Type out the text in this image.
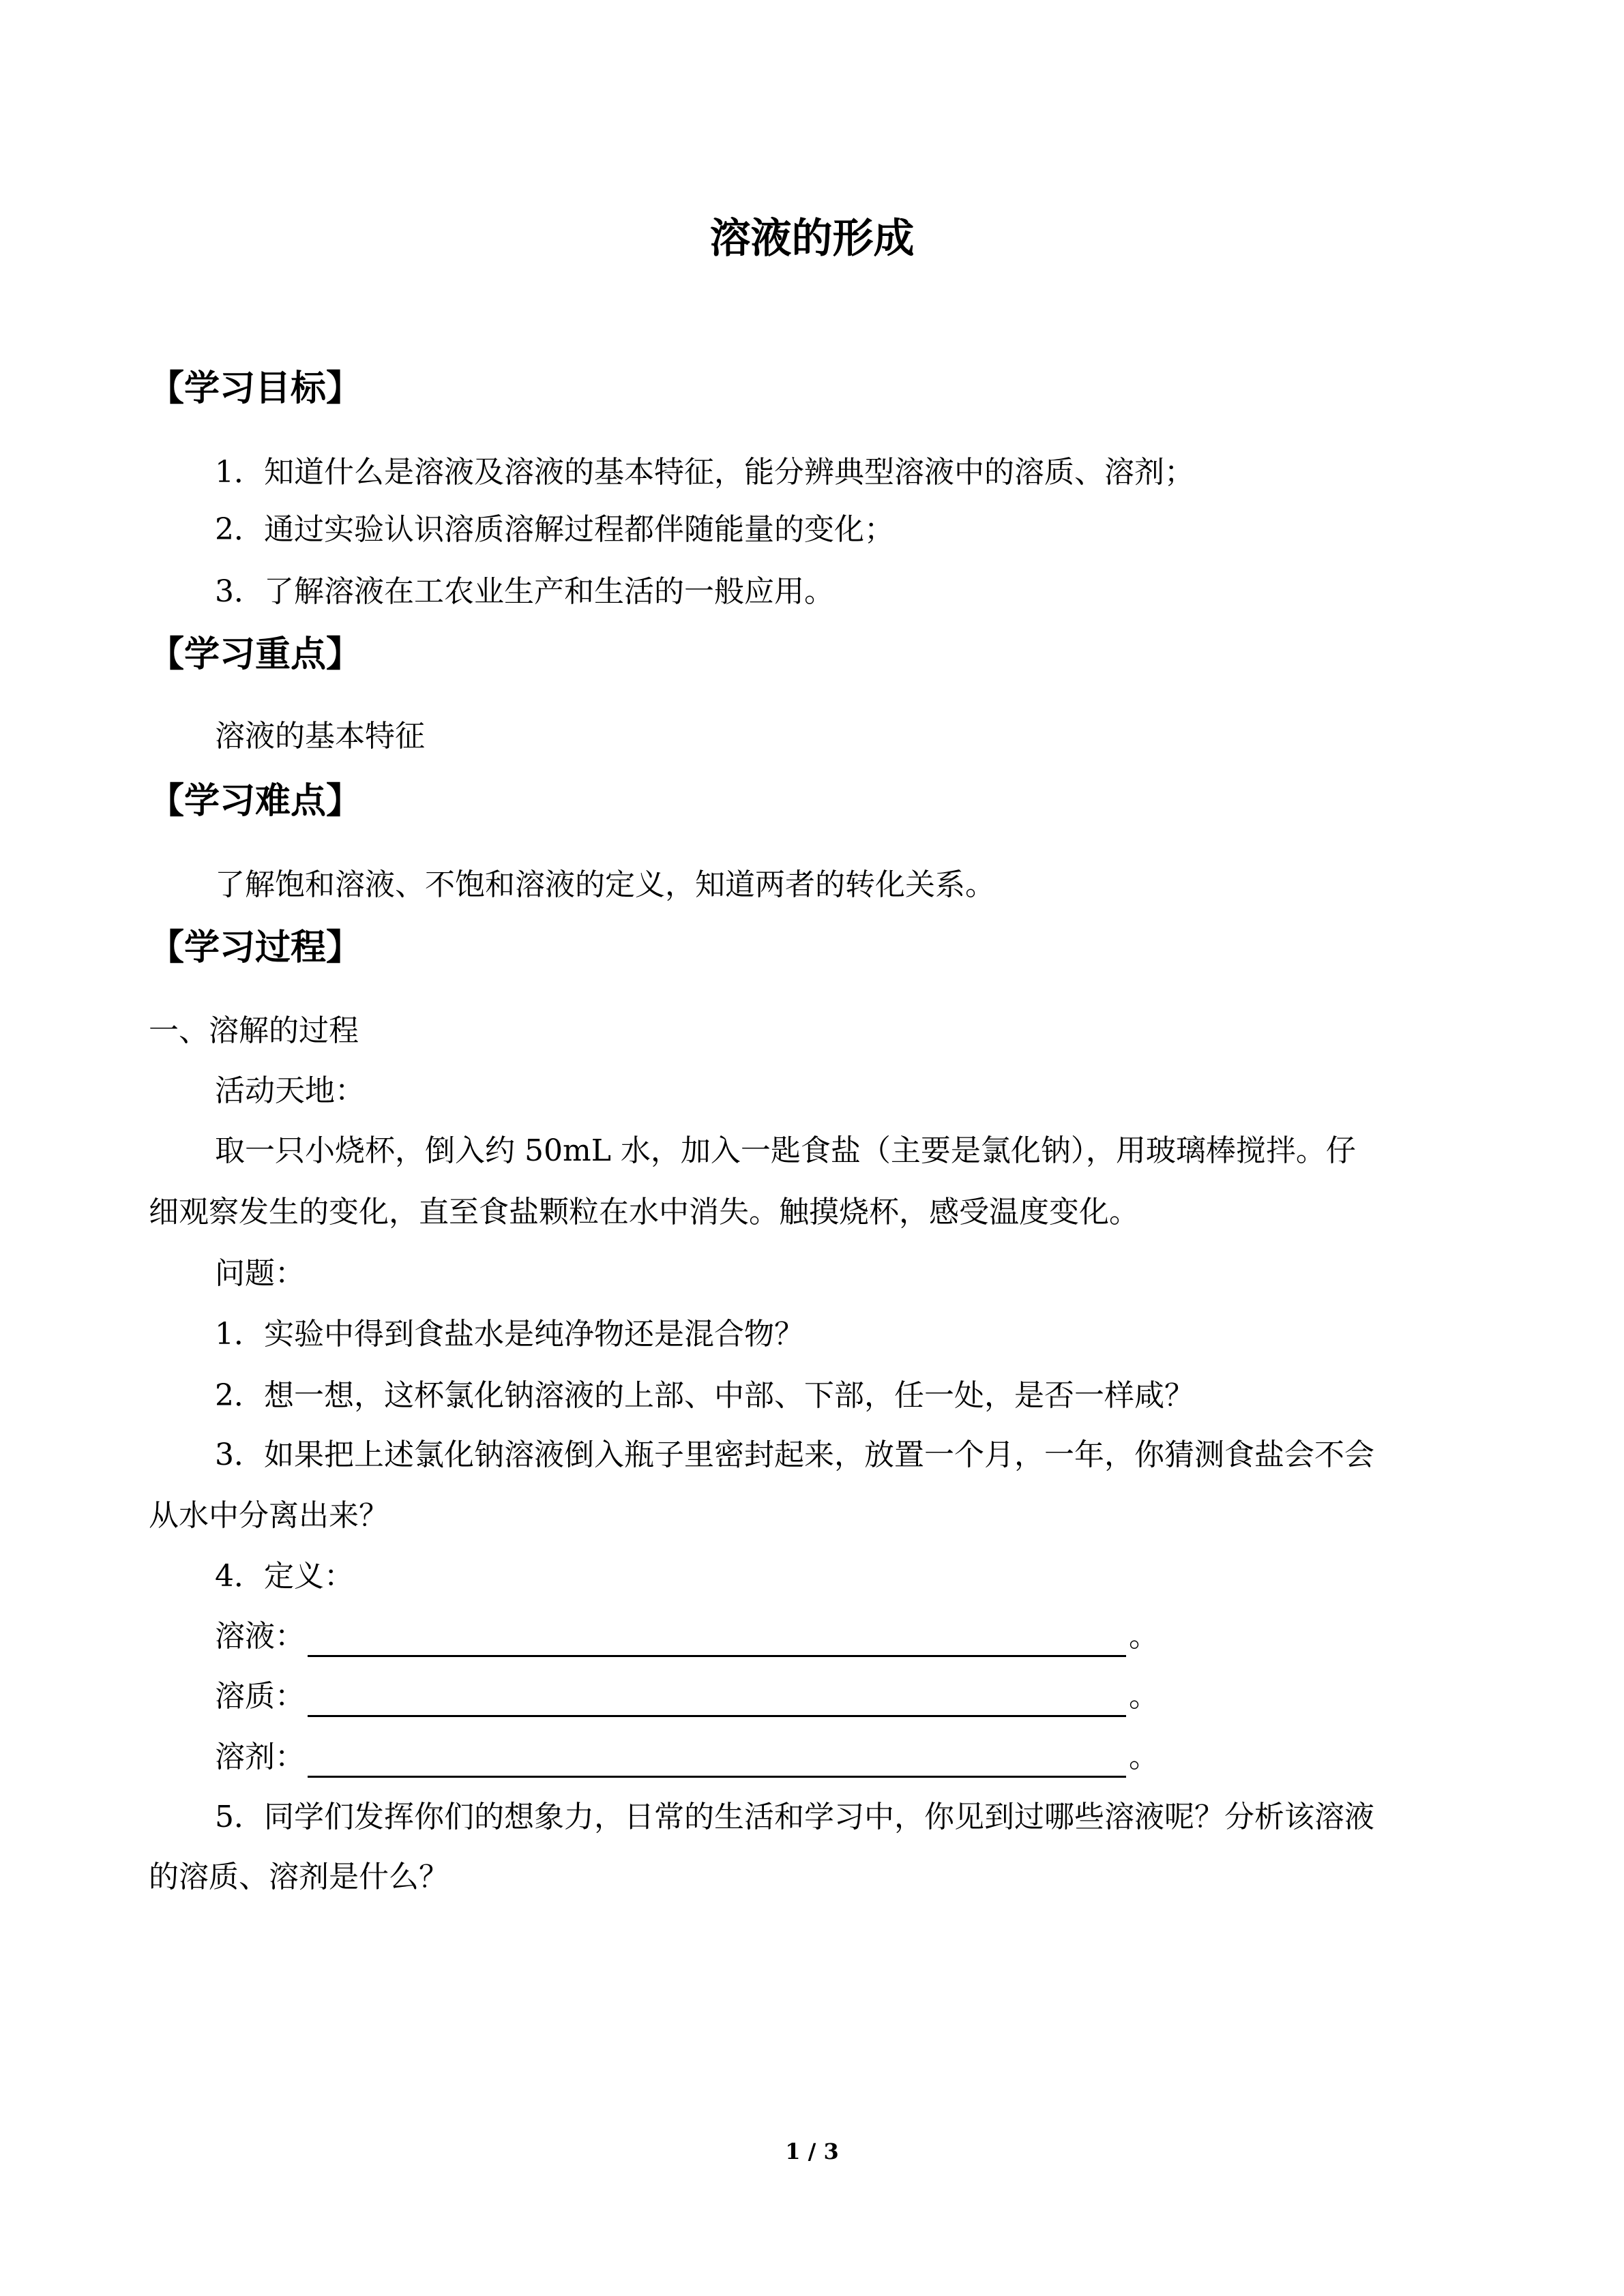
溶液的形成
【学习目标】
1．知道什么是溶液及溶液的基本特征，能分辨典型溶液中的溶质、溶剂；
2．通过实验认识溶质溶解过程都伴随能量的变化；
3．了解溶液在工农业生产和生活的一般应用。
【学习重点】
溶液的基本特征
【学习难点】
了解饱和溶液、不饱和溶液的定义，知道两者的转化关系。
【学习过程】
一、溶解的过程
活动天地：
取一只小烧杯，倒入约 50mL 水，加入一匙食盐（主要是氯化钠），用玻璃棒搅拌。仔
细观察发生的变化，直至食盐颗粒在水中消失。触摸烧杯，感受温度变化。
问题：
1．实验中得到食盐水是纯净物还是混合物？
2．想一想，这杯氯化钠溶液的上部、中部、下部，任一处，是否一样咸？
3．如果把上述氯化钠溶液倒入瓶子里密封起来，放置一个月，一年，你猜测食盐会不会
从水中分离出来？
4．定义：
溶液：	。
溶质：	。
溶剂：	。
5．同学们发挥你们的想象力，日常的生活和学习中，你见到过哪些溶液呢？分析该溶液
的溶质、溶剂是什么？
1 / 3
